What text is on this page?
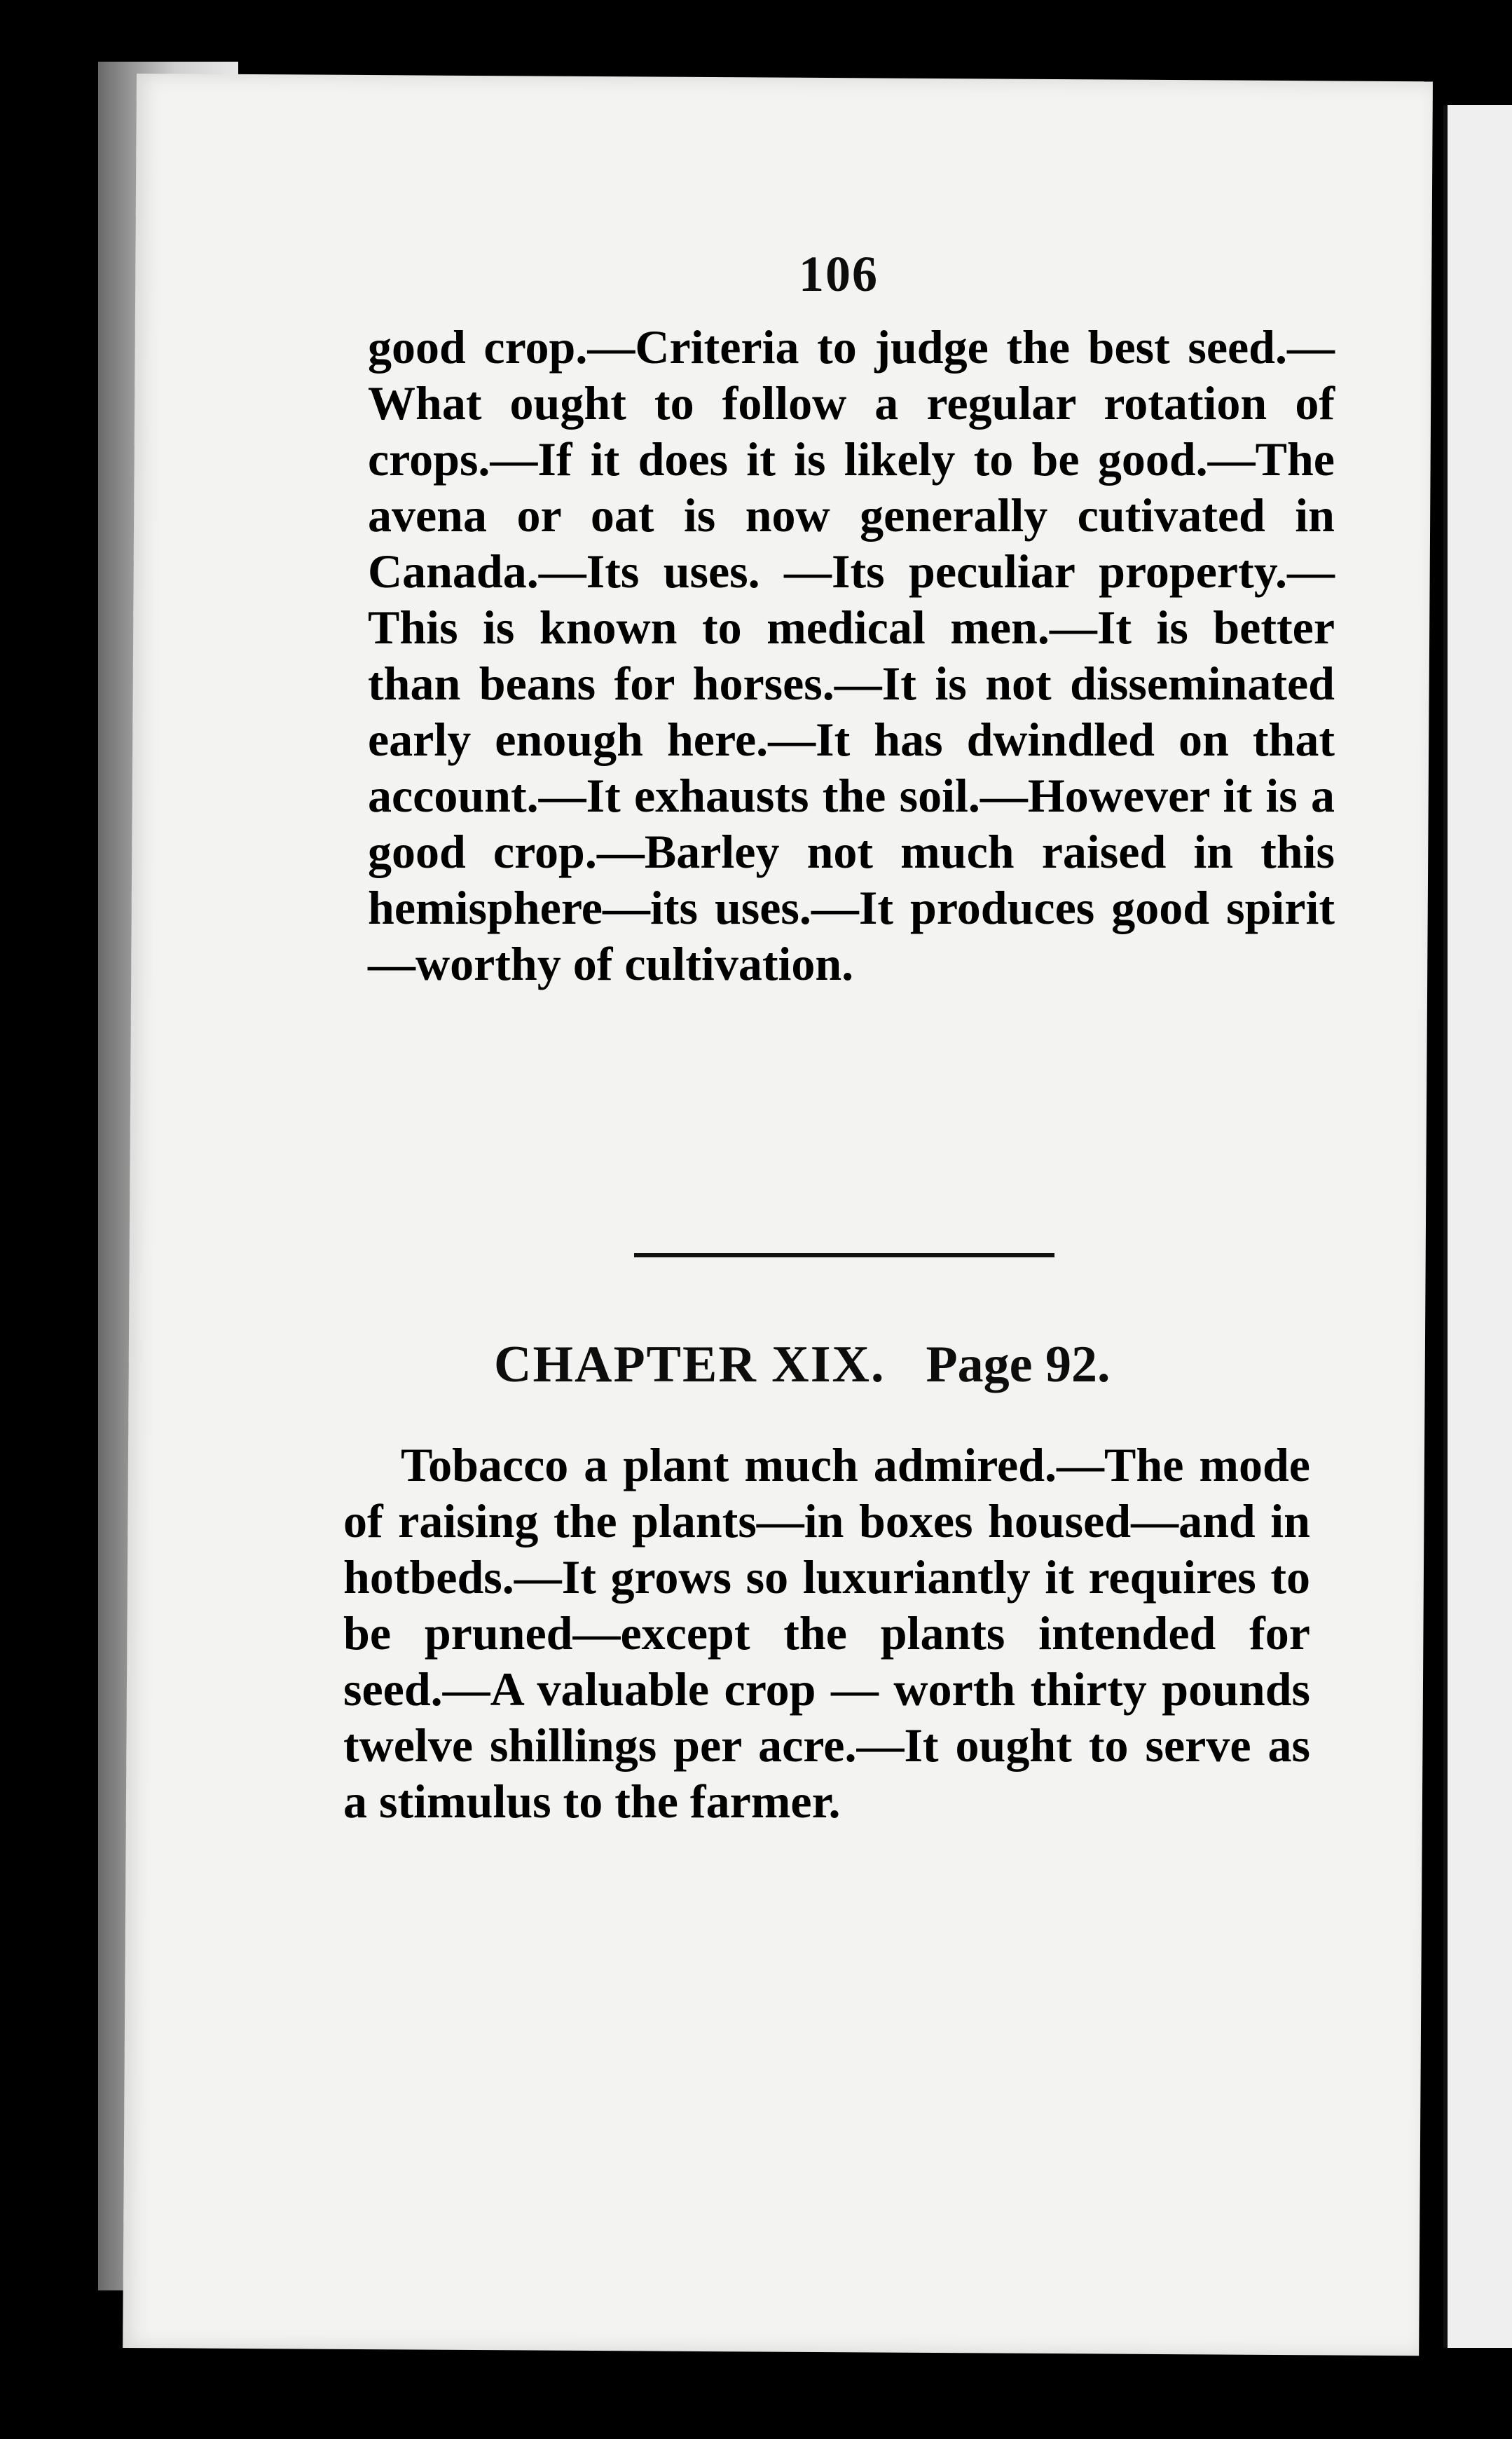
106

good crop.—Criteria to judge the best seed.—What ought to follow a regular rotation of crops.—If it does it is likely to be good.—The avena or oat is now generally cutivated in Canada.—Its uses. —Its peculiar property.—This is known to medical men.—It is better than beans for horses.—It is not disseminated early enough here.—It has dwindled on that account.—It exhausts the soil.—However it is a good crop.—Barley not much raised in this hemisphere—its uses.—It produces good spirit—worthy of cultivation.

CHAPTER XIX. Page 92.

Tobacco a plant much admired.—The mode of raising the plants—in boxes housed—and in hotbeds.—It grows so luxuriantly it requires to be pruned—except the plants intended for seed.—A valuable crop — worth thirty pounds twelve shillings per acre.—It ought to serve as a stimulus to the farmer.
